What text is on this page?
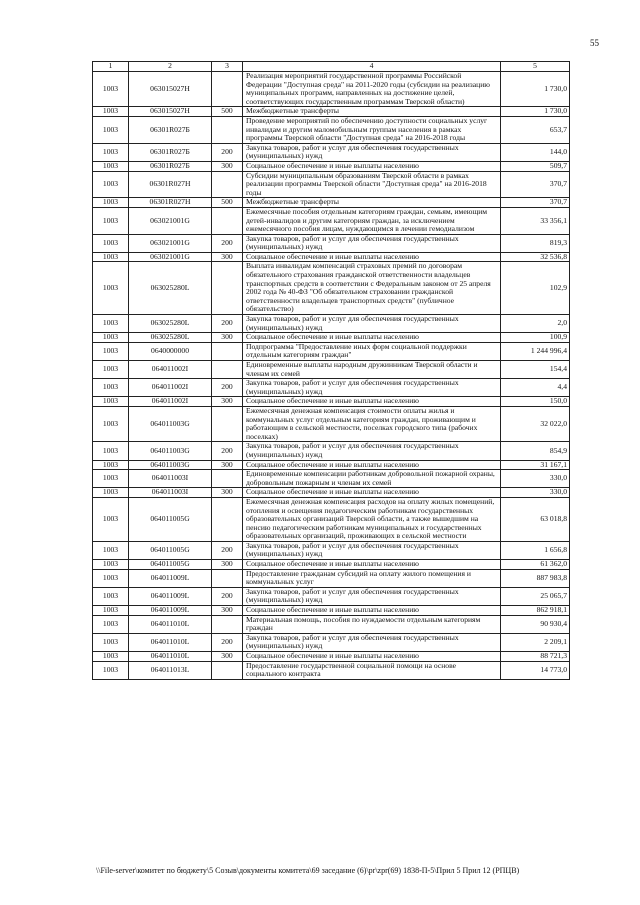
55
1	2	3	4	5
1003	063015027H		Реализация мероприятий государственной программы Российской Федерации "Доступная среда" на 2011-2020 годы (субсидии на реализацию муниципальных программ, направленных на достижение целей, соответствующих государственным программам Тверской области)	1 730,0
1003	063015027H	500	Межбюджетные трансферты	1 730,0
1003	06301R027Б		Проведение мероприятий по обеспечению доступности социальных услуг инвалидам и другим маломобильным группам населения в рамках программы Тверской области "Доступная среда" на 2016-2018 годы	653,7
1003	06301R027Б	200	Закупка товаров, работ и услуг для обеспечения государственных (муниципальных) нужд	144,0
1003	06301R027Б	300	Социальное обеспечение и иные выплаты населению	509,7
1003	06301R027H		Субсидии муниципальным образованиям Тверской области в рамках реализации программы Тверской области "Доступная среда" на 2016-2018 годы	370,7
1003	06301R027H	500	Межбюджетные трансферты	370,7
1003	063021001G		Ежемесячные пособия отдельным категориям граждан, семьям, имеющим детей-инвалидов и другим категориям граждан, за исключением ежемесячного пособия лицам, нуждающимся в лечении гемодиализом	33 356,1
1003	063021001G	200	Закупка товаров, работ и услуг для обеспечения государственных (муниципальных) нужд	819,3
1003	063021001G	300	Социальное обеспечение и иные выплаты населению	32 536,8
1003	063025280L		Выплата инвалидам компенсаций страховых премий по договорам обязательного страхования гражданской ответственности владельцев транспортных средств в соответствии с Федеральным законом от 25 апреля 2002 года № 40-ФЗ "Об обязательном страховании гражданской ответственности владельцев транспортных средств" (публичное обязательство)	102,9
1003	063025280L	200	Закупка товаров, работ и услуг для обеспечения государственных (муниципальных) нужд	2,0
1003	063025280L	300	Социальное обеспечение и иные выплаты населению	100,9
1003	0640000000		Подпрограмма "Предоставление иных форм социальной поддержки отдельным категориям граждан"	1 244 996,4
1003	064011002I		Единовременные выплаты народным дружинникам Тверской области и членам их семей	154,4
1003	064011002I	200	Закупка товаров, работ и услуг для обеспечения государственных (муниципальных) нужд	4,4
1003	064011002I	300	Социальное обеспечение и иные выплаты населению	150,0
1003	064011003G		Ежемесячная денежная компенсация стоимости оплаты жилья и коммунальных услуг отдельным категориям граждан, проживающим и работающим в сельской местности, поселках городского типа (рабочих поселках)	32 022,0
1003	064011003G	200	Закупка товаров, работ и услуг для обеспечения государственных (муниципальных) нужд	854,9
1003	064011003G	300	Социальное обеспечение и иные выплаты населению	31 167,1
1003	064011003I		Единовременные компенсации работникам добровольной пожарной охраны, добровольным пожарным и членам их семей	330,0
1003	064011003I	300	Социальное обеспечение и иные выплаты населению	330,0
1003	064011005G		Ежемесячная денежная компенсация расходов на оплату жилых помещений, отопления и освещения педагогическим работникам государственных образовательных организаций Тверской области, а также вышедшим на пенсию педагогическим работникам муниципальных и государственных образовательных организаций, проживающих в сельской местности	63 018,8
1003	064011005G	200	Закупка товаров, работ и услуг для обеспечения государственных (муниципальных) нужд	1 656,8
1003	064011005G	300	Социальное обеспечение и иные выплаты населению	61 362,0
1003	064011009L		Предоставление гражданам субсидий на оплату жилого помещения и коммунальных услуг	887 983,8
1003	064011009L	200	Закупка товаров, работ и услуг для обеспечения государственных (муниципальных) нужд	25 065,7
1003	064011009L	300	Социальное обеспечение и иные выплаты населению	862 918,1
1003	064011010L		Материальная помощь, пособия по нуждаемости отдельным категориям граждан	90 930,4
1003	064011010L	200	Закупка товаров, работ и услуг для обеспечения государственных (муниципальных) нужд	2 209,1
1003	064011010L	300	Социальное обеспечение и иные выплаты населению	88 721,3
1003	064011013L		Предоставление государственной социальной помощи на основе социального контракта	14 773,0
\\File-server\комитет по бюджету\5 Созыв\документы комитета\69 заседание (6)\pr\zpr(69) 1838-П-5\Прил 5 Прил 12 (РПЦВ)
